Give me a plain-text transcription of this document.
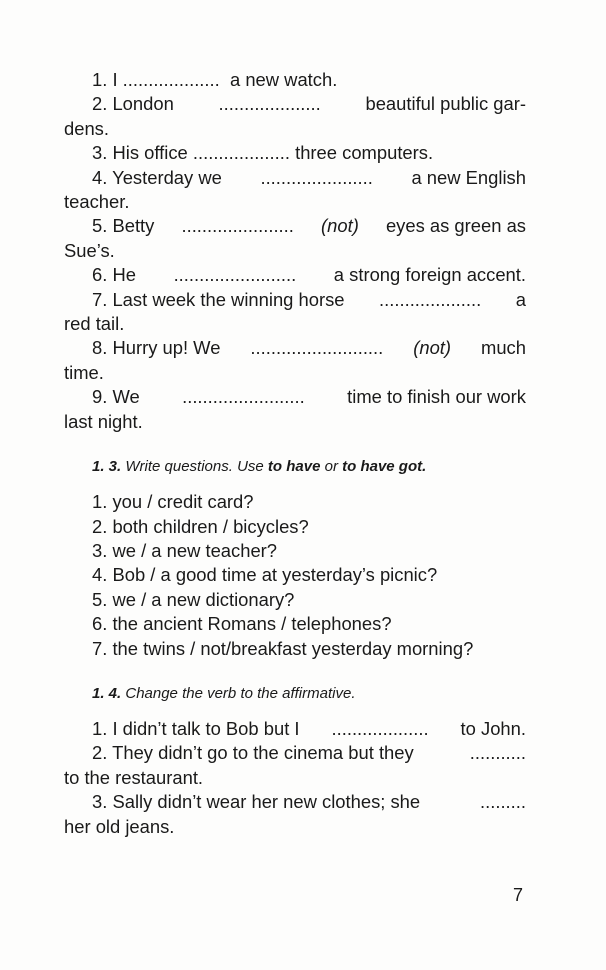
1. I ................... a new watch.
2. London .................... beautiful public gar-
dens.
3. His office ................... three computers.
4. Yesterday we ...................... a new English
teacher.
5. Betty ...................... (not) eyes as green as
Sue’s.
6. He ........................ a strong foreign accent.
7. Last week the winning horse .................... a
red tail.
8. Hurry up! We .......................... (not) much
time.
9. We ........................ time to finish our work
last night.
1. 3. Write questions. Use to have or to have got.
1. you / credit card?
2. both children / bicycles?
3. we / a new teacher?
4. Bob / a good time at yesterday’s picnic?
5. we / a new dictionary?
6. the ancient Romans / telephones?
7. the twins / not/breakfast yesterday morning?
1. 4. Change the verb to the affirmative.
1. I didn’t talk to Bob but I ................... to John.
2. They didn’t go to the cinema but they	...........
to the restaurant.
3. Sally didn’t wear her new clothes; she	.........
her old jeans.
7
